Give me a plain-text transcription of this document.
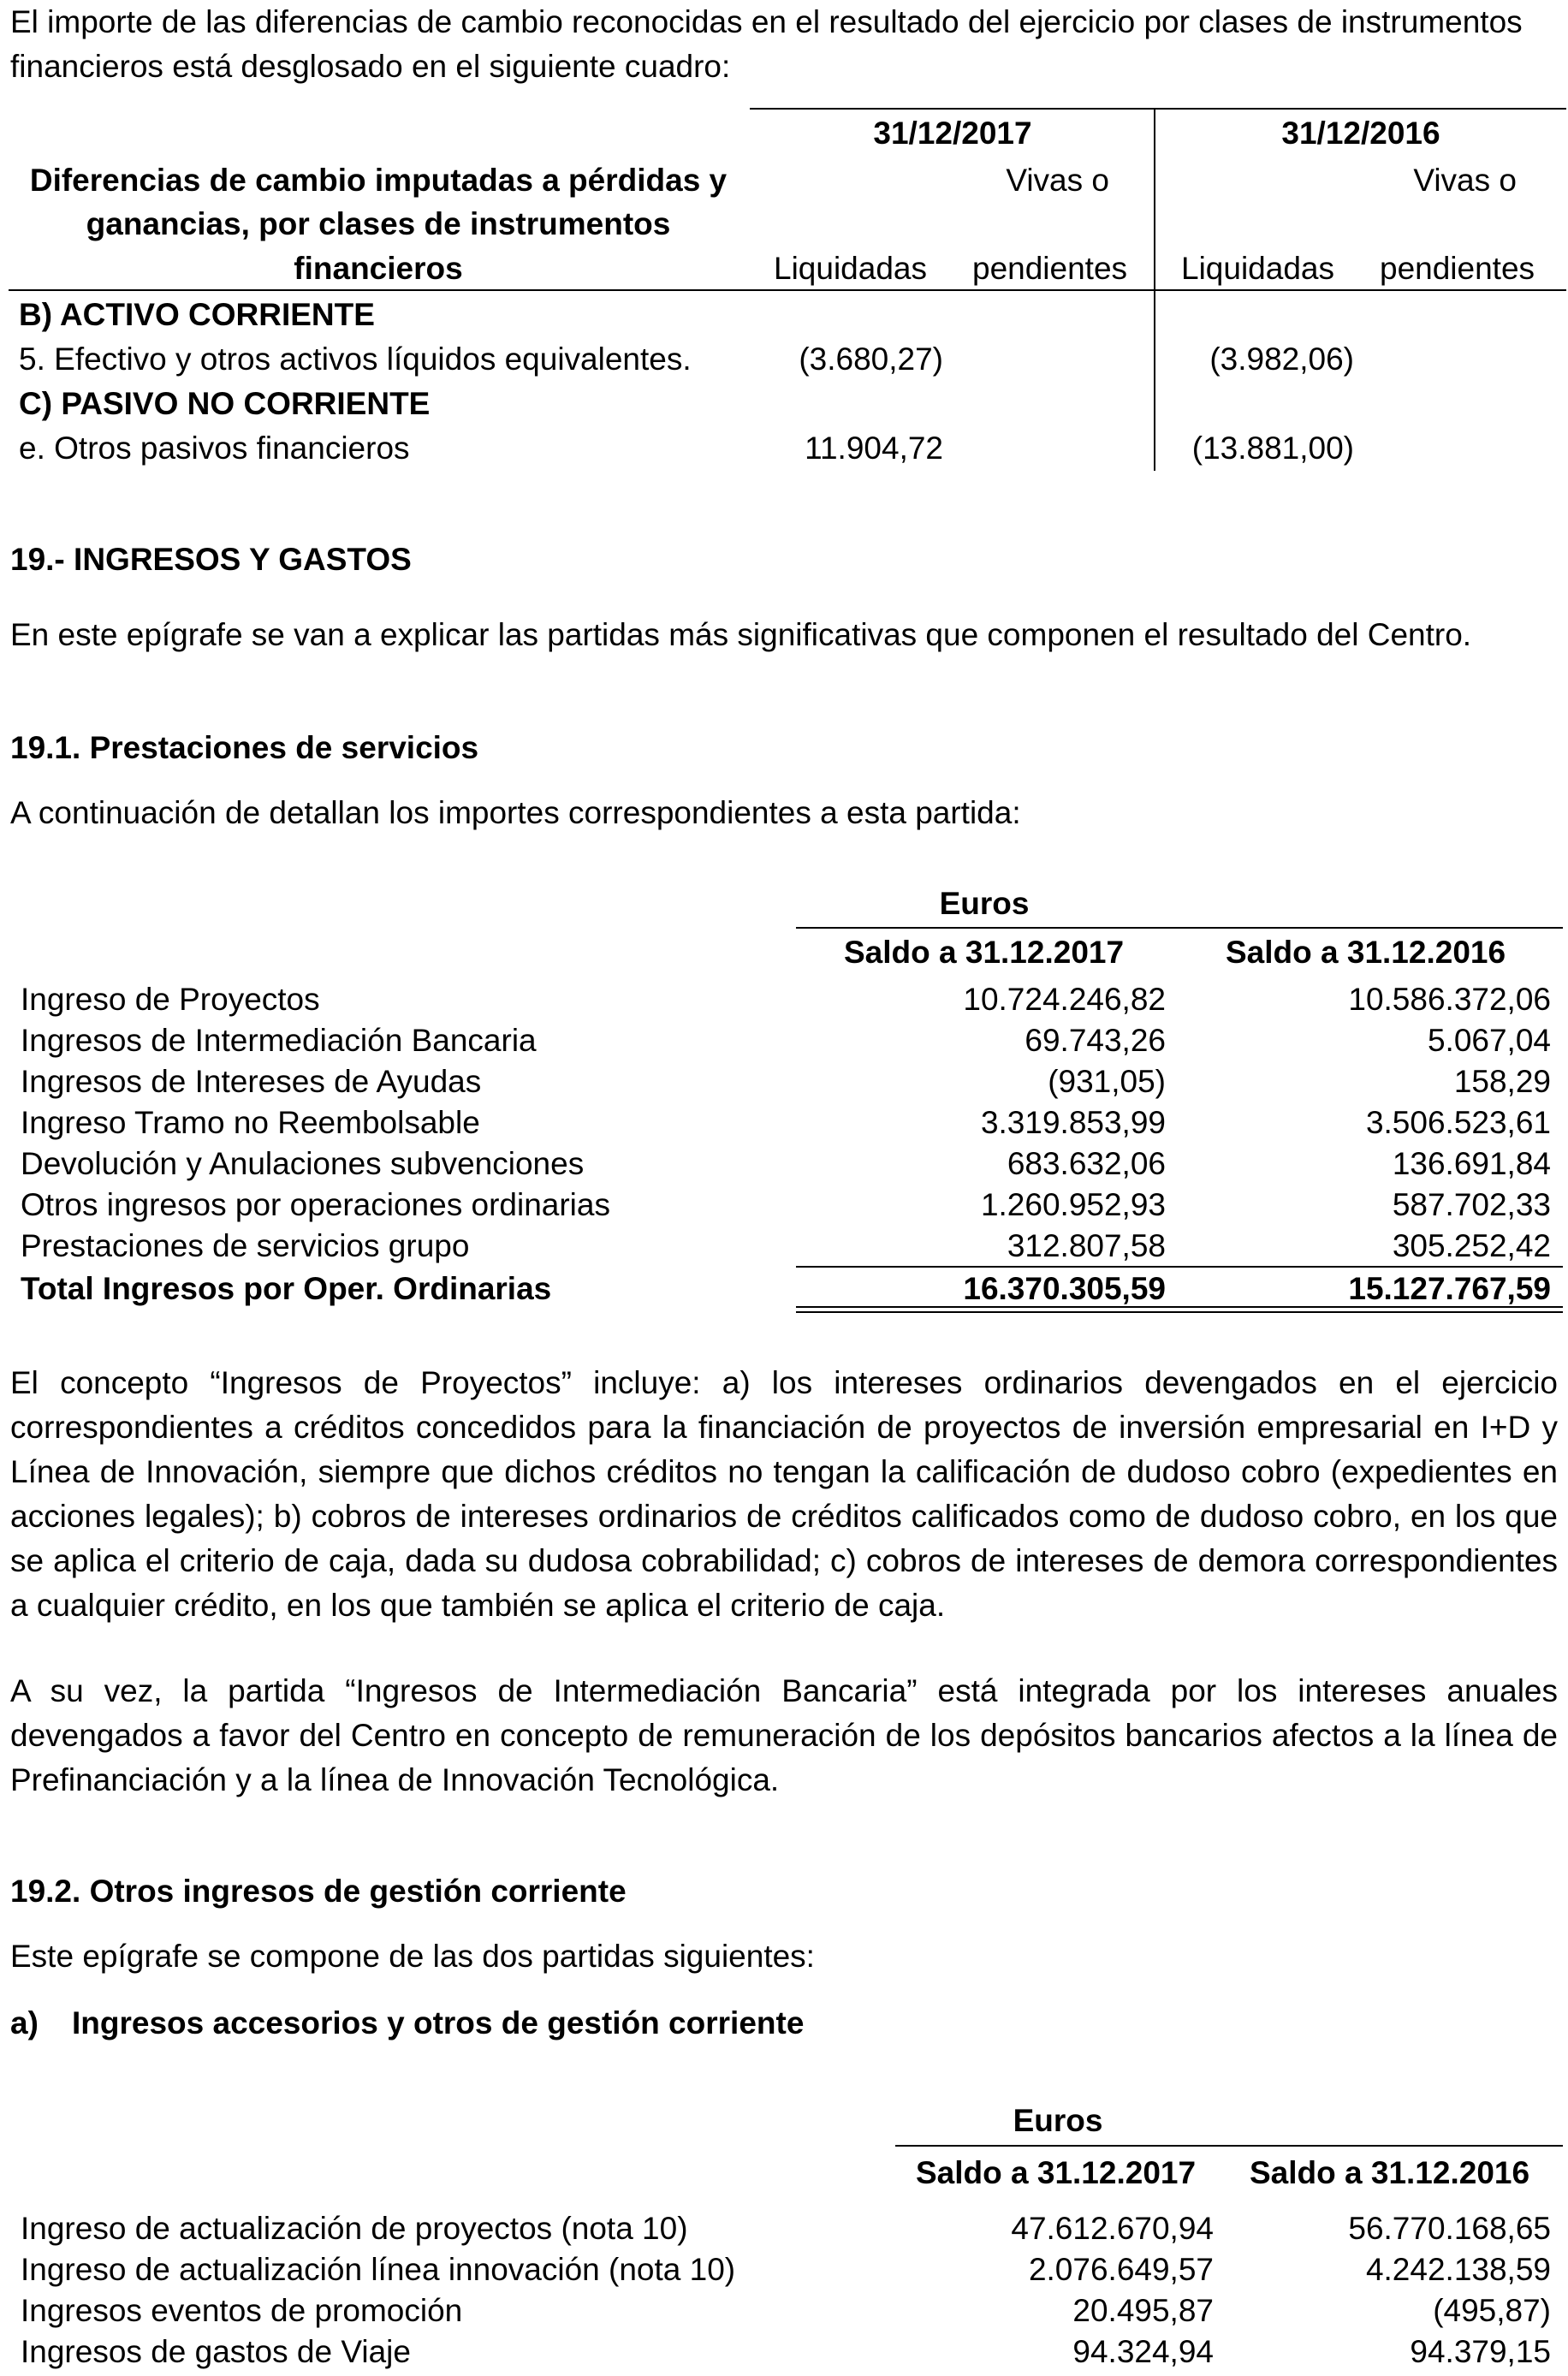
El importe de las diferencias de cambio reconocidas en el resultado del ejercicio por clases de instrumentos financieros está desglosado en el siguiente cuadro:

31/12/2017	31/12/2016
Diferencias de cambio imputadas a pérdidas y
ganancias, por clases de instrumentos
financieros
Vivas o	Vivas o
Liquidadas pendientes Liquidadas pendientes
B) ACTIVO CORRIENTE
5. Efectivo y otros activos líquidos equivalentes.	(3.680,27)	(3.982,06)
C) PASIVO NO CORRIENTE
e. Otros pasivos financieros	11.904,72	(13.881,00)
19.- INGRESOS Y GASTOS

En este epígrafe se van a explicar las partidas más significativas que componen el resultado del Centro.

19.1. Prestaciones de servicios

A continuación de detallan los importes correspondientes a esta partida:

Euros
Saldo a 31.12.2017	Saldo a 31.12.2016
Ingreso de Proyectos	10.724.246,82	10.586.372,06
Ingresos de Intermediación Bancaria	69.743,26	5.067,04
Ingresos de Intereses de Ayudas	(931,05)	158,29
Ingreso Tramo no Reembolsable	3.319.853,99	3.506.523,61
Devolución y Anulaciones subvenciones	683.632,06	136.691,84
Otros ingresos por operaciones ordinarias	1.260.952,93	587.702,33
Prestaciones de servicios grupo	312.807,58	305.252,42
Total Ingresos por Oper. Ordinarias	16.370.305,59	15.127.767,59

El concepto “Ingresos de Proyectos” incluye: a) los intereses ordinarios devengados en el ejercicio correspondientes a créditos concedidos para la financiación de proyectos de inversión empresarial en I+D y Línea de Innovación, siempre que dichos créditos no tengan la calificación de dudoso cobro (expedientes en acciones legales); b) cobros de intereses ordinarios de créditos calificados como de dudoso cobro, en los que se aplica el criterio de caja, dada su dudosa cobrabilidad; c) cobros de intereses de demora correspondientes a cualquier crédito, en los que también se aplica el criterio de caja.

A su vez, la partida “Ingresos de Intermediación Bancaria” está integrada por los intereses anuales devengados a favor del Centro en concepto de remuneración de los depósitos bancarios afectos a la línea de Prefinanciación y a la línea de Innovación Tecnológica.

19.2. Otros ingresos de gestión corriente

Este epígrafe se compone de las dos partidas siguientes:

a) Ingresos accesorios y otros de gestión corriente
Euros
Saldo a 31.12.2017 Saldo a 31.12.2016
Ingreso de actualización de proyectos (nota 10)	47.612.670,94	56.770.168,65
Ingreso de actualización línea innovación (nota 10)	2.076.649,57	4.242.138,59
Ingresos eventos de promoción	20.495,87	(495,87)
Ingresos de gastos de Viaje	94.324,94	94.379,15
